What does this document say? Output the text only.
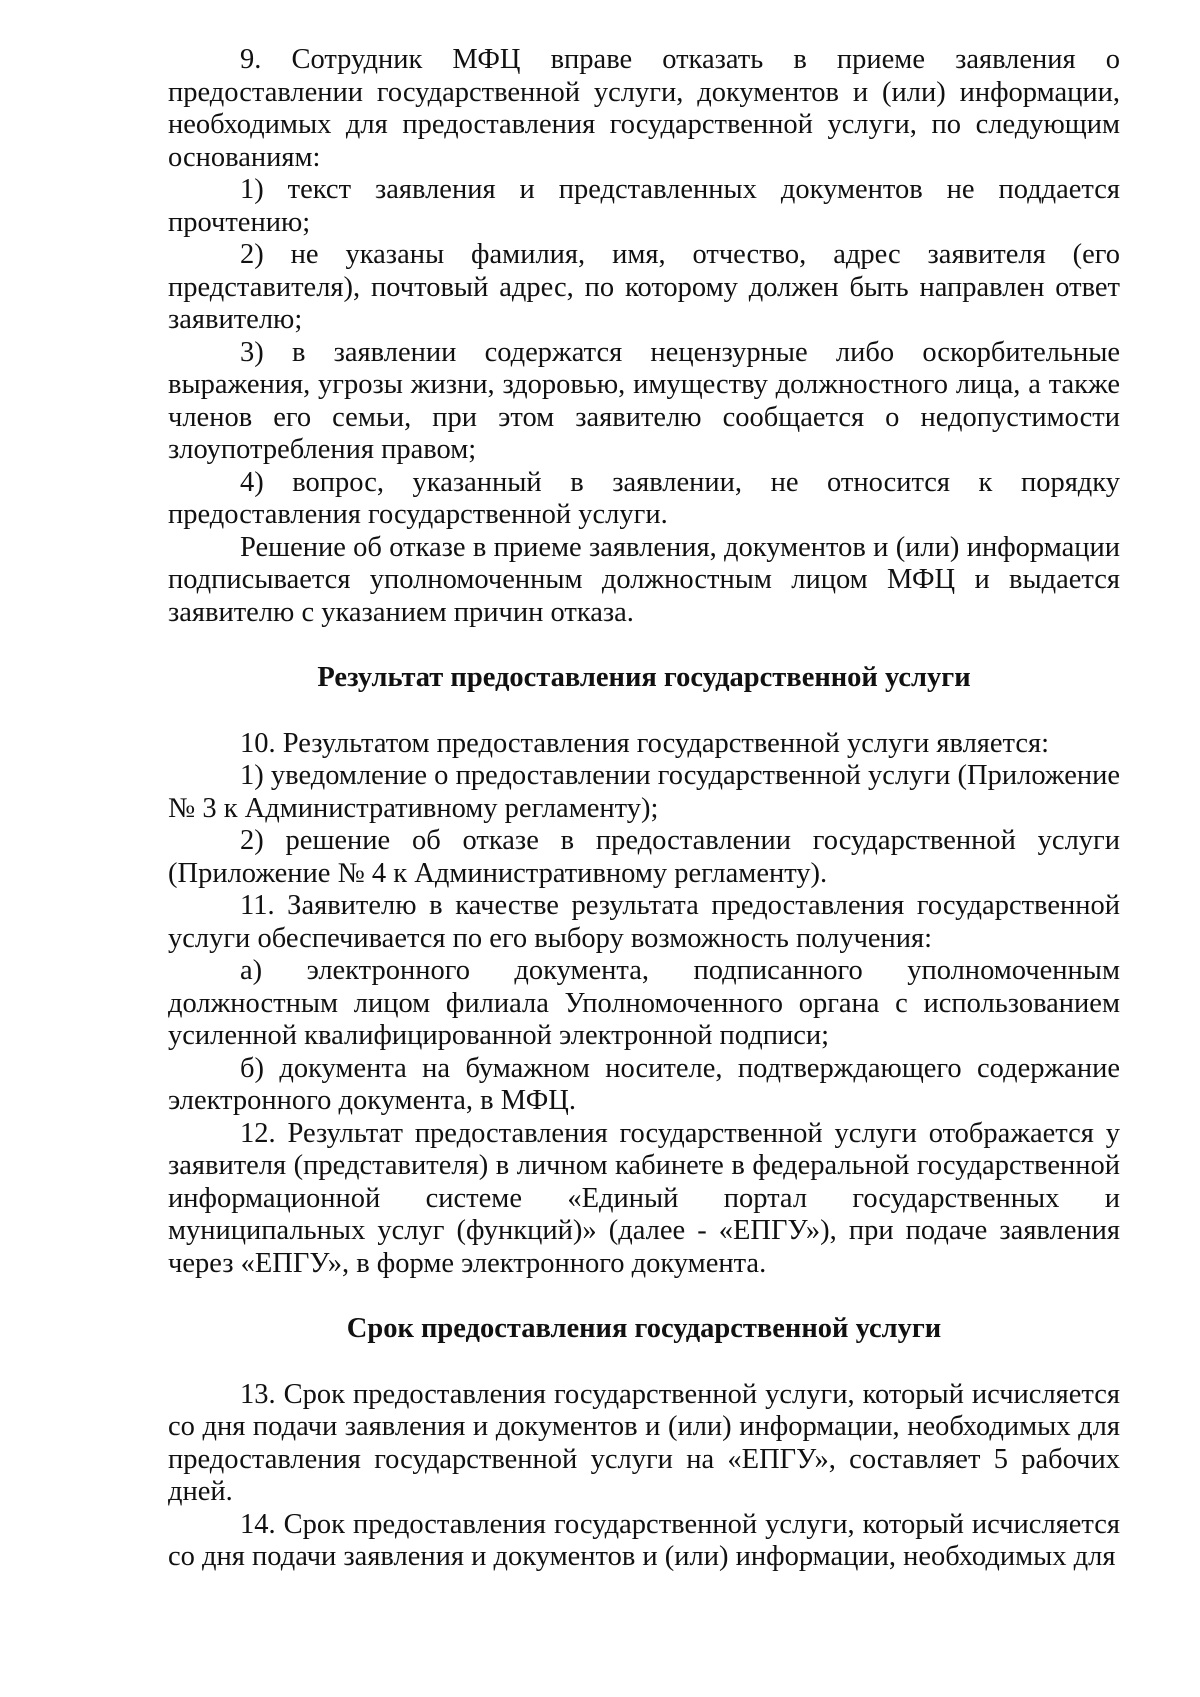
9. Сотрудник МФЦ вправе отказать в приеме заявления о предоставлении государственной услуги, документов и (или) информации, необходимых для предоставления государственной услуги, по следующим основаниям:

1) текст заявления и представленных документов не поддается прочтению;

2) не указаны фамилия, имя, отчество, адрес заявителя (его представителя), почтовый адрес, по которому должен быть направлен ответ заявителю;

3) в заявлении содержатся нецензурные либо оскорбительные выражения, угрозы жизни, здоровью, имуществу должностного лица, а также членов его семьи, при этом заявителю сообщается о недопустимости злоупотребления правом;

4) вопрос, указанный в заявлении, не относится к порядку предоставления государственной услуги.

Решение об отказе в приеме заявления, документов и (или) информации подписывается уполномоченным должностным лицом МФЦ и выдается заявителю с указанием причин отказа.

Результат предоставления государственной услуги

10. Результатом предоставления государственной услуги является:

1) уведомление о предоставлении государственной услуги (Приложение № 3 к Административному регламенту);

2) решение об отказе в предоставлении государственной услуги (Приложение № 4 к Административному регламенту).

11. Заявителю в качестве результата предоставления государственной услуги обеспечивается по его выбору возможность получения:

а) электронного документа, подписанного уполномоченным должностным лицом филиала Уполномоченного органа с использованием усиленной квалифицированной электронной подписи;

б) документа на бумажном носителе, подтверждающего содержание электронного документа, в МФЦ.

12. Результат предоставления государственной услуги отображается у заявителя (представителя) в личном кабинете в федеральной государственной информационной системе «Единый портал государственных и муниципальных услуг (функций)» (далее - «ЕПГУ»), при подаче заявления через «ЕПГУ», в форме электронного документа.

Срок предоставления государственной услуги

13. Срок предоставления государственной услуги, который исчисляется со дня подачи заявления и документов и (или) информации, необходимых для предоставления государственной услуги на «ЕПГУ», составляет 5 рабочих дней.

14. Срок предоставления государственной услуги, который исчисляется со дня подачи заявления и документов и (или) информации, необходимых для
